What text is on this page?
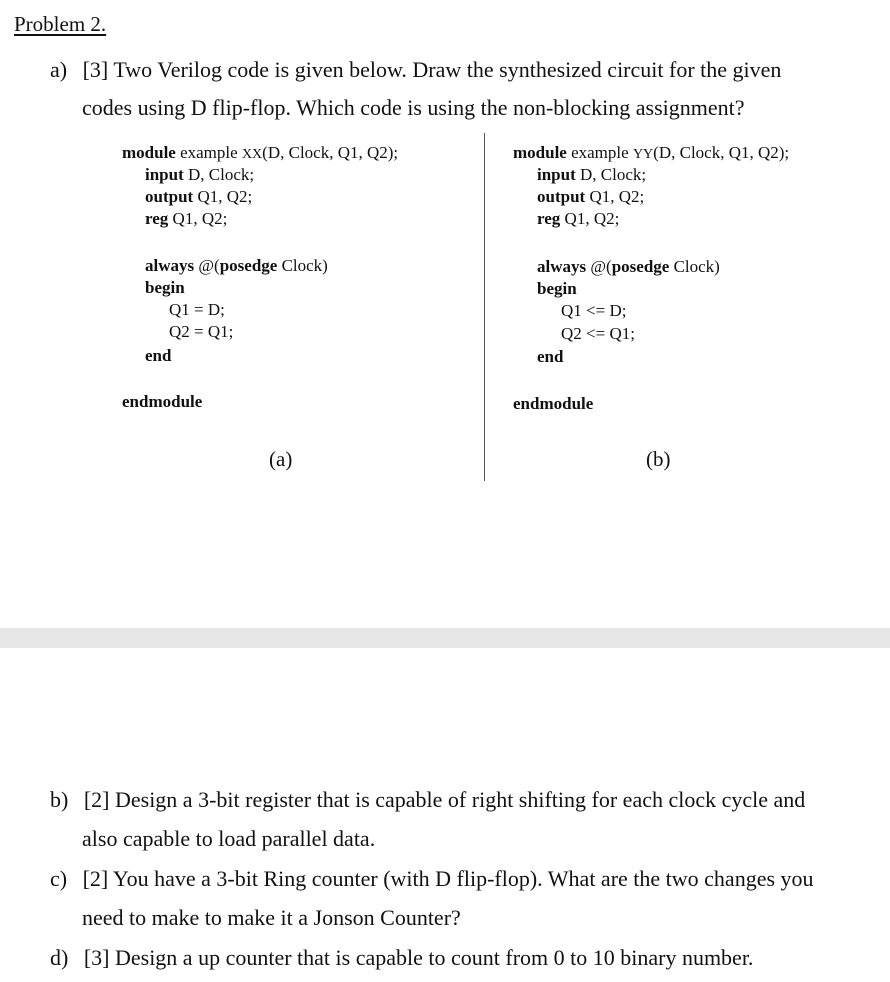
Problem 2.
a) [3] Two Verilog code is given below. Draw the synthesized circuit for the given
codes using D flip-flop. Which code is using the non-blocking assignment?
module example XX(D, Clock, Q1, Q2);
input D, Clock;
output Q1, Q2;
reg Q1, Q2;
always @(posedge Clock)
begin
Q1 = D;
Q2 = Q1;
end
endmodule
(a)
module example YY(D, Clock, Q1, Q2);
input D, Clock;
output Q1, Q2;
reg Q1, Q2;
always @(posedge Clock)
begin
Q1 <= D;
Q2 <= Q1;
end
endmodule
(b)
b) [2] Design a 3-bit register that is capable of right shifting for each clock cycle and
also capable to load parallel data.
c) [2] You have a 3-bit Ring counter (with D flip-flop). What are the two changes you
need to make to make it a Jonson Counter?
d) [3] Design a up counter that is capable to count from 0 to 10 binary number.
